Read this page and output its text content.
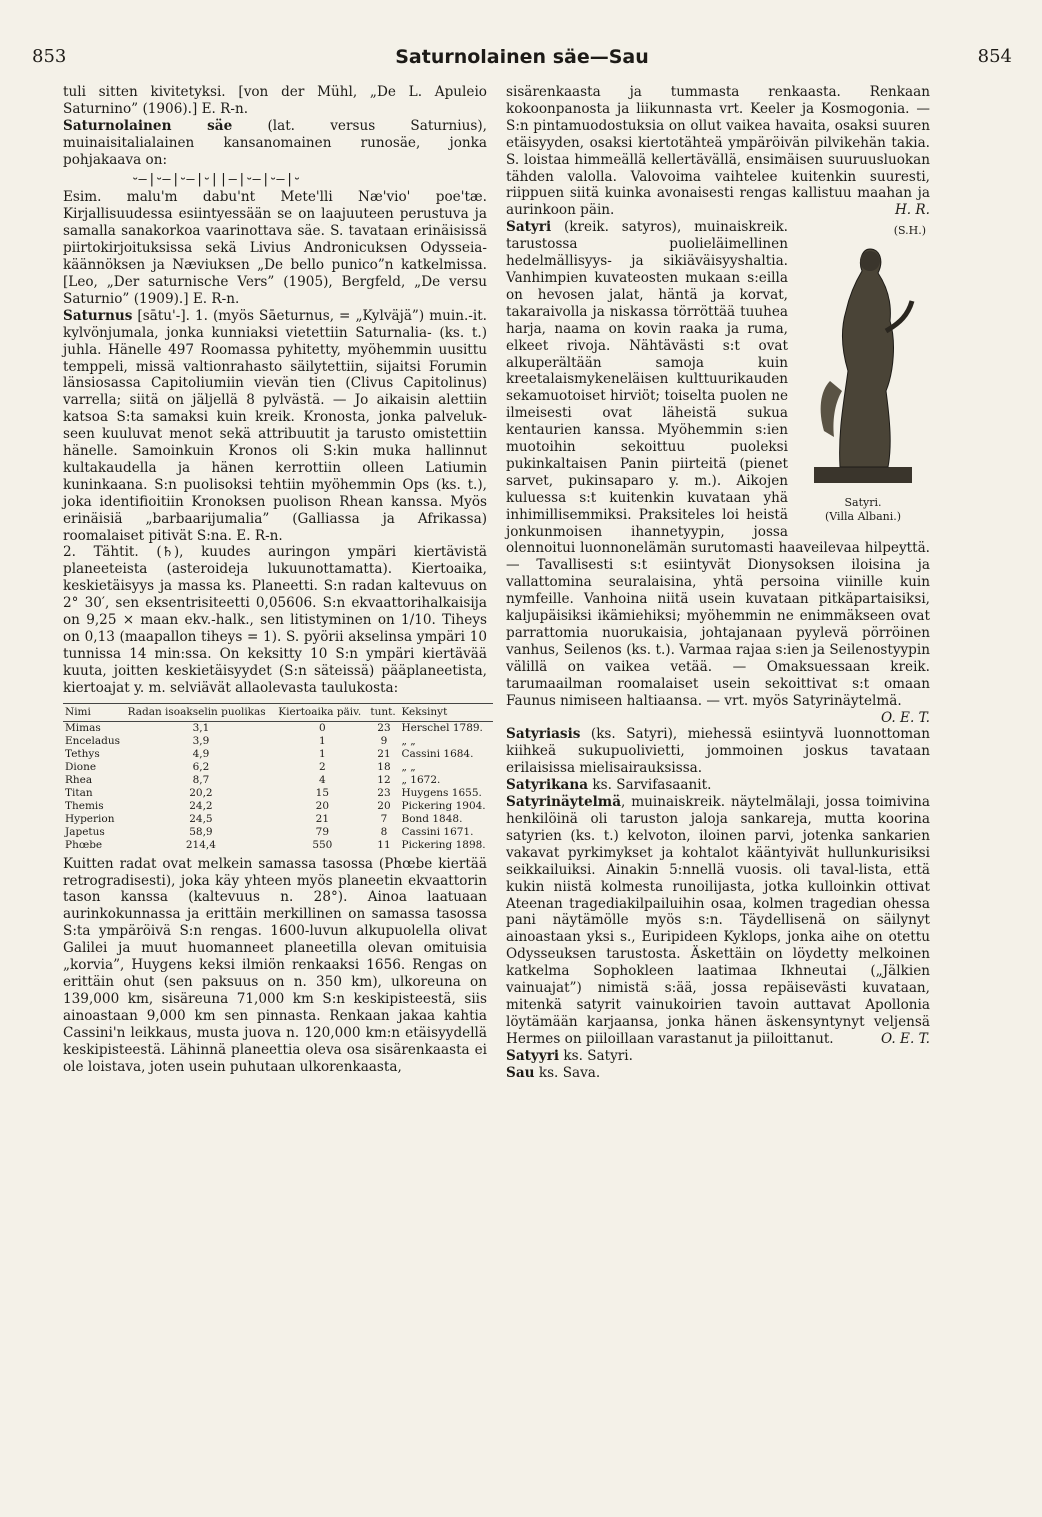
853	Saturnolainen säe—Sau	854

tuli sitten kivitetyksi. [von der Mühl, „De L. Apuleio Saturnino” (1906).] E. R-n.

Saturnolainen säe	(lat. versus Saturnius), muinaisitalialainen kansanomainen runosäe, jonka pohjakaava on:

⏑–|⏑–|⏑–|⏑||–|⏑–|⏑–|⏑

Esim. malu'm dabu'nt Mete'lli Næ'vio' poe'tæ. Kirjallisuudessa esiintyessään se on laajuuteen perustuva ja samalla sanakorkoa vaarinottava säe. S. tavataan erinäisissä piirtokirjoituksissa sekä Livius Andronicuksen Odysseia-käännöksen ja Næviuksen „De bello punico”n katkelmissa. [Leo, „Der saturnische Vers” (1905), Bergfeld, „De versu Saturnio” (1909).] E. R-n.

Saturnus [sātu'-]. 1. (myös Sāeturnus, = „Kylväjä”) muin.-it. kylvönjumala, jonka kunniaksi vietettiin Saturnalia- (ks. t.) juhla. Hänelle 497 Roomassa pyhitetty, myöhemmin uusittu temppeli, missä valtionrahasto säilytettiin, sijaitsi Forumin länsiosassa Capitoliumiin vievän tien (Clivus Capitolinus) varrella; siitä on jäljellä 8 pylvästä. — Jo aikaisin alettiin katsoa S:ta samaksi kuin kreik. Kronosta, jonka palveluk-seen kuuluvat menot sekä attribuutit ja tarusto omistettiin hänelle. Samoinkuin Kronos oli S:kin muka hallinnut kultakaudella ja hänen kerrottiin olleen Latiumin kuninkaana. S:n puolisoksi tehtiin myöhemmin Ops (ks. t.), joka identifioitiin Kronoksen puolison Rhean kanssa. Myös erinäisiä „barbaarijumalia” (Galliassa ja Afrikassa) roomalaiset pitivät S:na. E. R-n.

2. Tähtit. (♄), kuudes auringon ympäri kiertävistä planeeteista (asteroideja lukuunottamatta). Kiertoaika, keskietäisyys ja massa ks. Planeetti. S:n radan kaltevuus on 2° 30′, sen eksentrisiteetti 0,05606. S:n ekvaattorihalkaisija on 9,25 × maan ekv.-halk., sen litistyminen on 1/10. Tiheys on 0,13 (maapallon tiheys = 1). S. pyörii akselinsa ympäri 10 tunnissa 14 min:ssa. On keksitty 10 S:n ympäri kiertävää kuuta, joitten keskietäisyydet (S:n säteissä) pääplaneetista, kiertoajat y. m. selviävät allaolevasta taulukosta:

Nimi	Radan isoakselin puolikas	Kiertoaika päiv.	tunt.	Keksinyt
Mimas	3,1	0	23	Herschel 1789.
Enceladus	3,9	1	9	„ „
Tethys	4,9	1	21	Cassini 1684.
Dione	6,2	2	18	„ „
Rhea	8,7	4	12	„ 1672.
Titan	20,2	15	23	Huygens 1655.
Themis	24,2	20	20	Pickering 1904.
Hyperion	24,5	21	7	Bond 1848.
Japetus	58,9	79	8	Cassini 1671.
Phœbe	214,4	550	11	Pickering 1898.

Kuitten radat ovat melkein samassa tasossa (Phœbe kiertää retrogradisesti), joka käy yhteen myös planeetin ekvaattorin tason kanssa (kaltevuus n. 28°). Ainoa laatuaan aurinkokunnassa ja erittäin merkillinen on samassa tasossa S:ta ympäröivä S:n rengas. 1600-luvun alkupuolella olivat Galilei ja muut huomanneet planeetilla olevan omituisia „korvia”, Huygens keksi ilmiön renkaaksi 1656. Rengas on erittäin ohut (sen paksuus on n. 350 km), ulkoreuna on 139,000 km, sisäreuna 71,000 km S:n keskipisteestä, siis ainoastaan 9,000 km sen pinnasta. Renkaan jakaa kahtia Cassini'n leikkaus, musta juova n. 120,000 km:n etäisyydellä keskipisteestä. Lähinnä planeettia oleva osa sisärenkaasta ei ole loistava, joten usein puhutaan ulkorenkaasta,

sisärenkaasta ja tummasta renkaasta. Renkaan kokoonpanosta ja liikunnasta vrt. Keeler ja Kosmogonia. — S:n pintamuodostuksia on ollut vaikea havaita, osaksi suuren etäisyyden, osaksi kiertotähteä ympäröivän pilvikehän takia. S. loistaa himmeällä kellertävällä, ensimäisen suuruusluokan tähden valolla. Valovoima vaihtelee kuitenkin suuresti, riippuen siitä kuinka avonaisesti rengas kallistuu maahan ja aurinkoon päin.	H. R.

(S.H.)
Satyri.
(Villa Albani.)

Satyri (kreik. satyros), muinaiskreik. tarustossa puolieläimellinen hedelmällisyys- ja sikiäväisyyshaltia. Vanhimpien kuvateosten mukaan s:eilla on hevosen jalat, häntä ja korvat, takaraivolla ja niskassa törröttää tuuhea harja, naama on kovin raaka ja ruma, elkeet rivoja. Nähtävästi s:t ovat alkuperältään samoja kuin kreetalaismykeneläisen kulttuurikauden sekamuotoiset hirviöt; toiselta puolen ne ilmeisesti ovat läheistä sukua kentaurien kanssa. Myöhemmin s:ien muotoihin sekoittuu puoleksi pukinkaltaisen Panin piirteitä (pienet sarvet, pukinsaparo y. m.). Aikojen kuluessa s:t kuitenkin kuvataan yhä inhimillisemmiksi. Praksiteles loi heistä jonkunmoisen ihannetyypin, jossa olennoitui luonnonelämän surutomasti haaveilevaa hilpeyttä. — Tavallisesti s:t esiintyvät Dionysoksen iloisina ja vallattomina seuralaisina, yhtä persoina viinille kuin nymfeille. Vanhoina niitä usein kuvataan pitkäpartaisiksi, kaljupäisiksi ikämiehiksi; myöhemmin ne enimmäkseen ovat parrattomia nuorukaisia, johtajanaan pyylevä pörröinen vanhus, Seilenos (ks. t.). Varmaa rajaa s:ien ja Seilenostyypin välillä on vaikea vetää. — Omaksuessaan kreik. tarumaailman roomalaiset usein sekoittivat s:t omaan Faunus nimiseen haltiaansa. — vrt. myös Satyrinäytelmä.
O. E. T.

Satyriasis (ks. Satyri), miehessä esiintyvä luonnottoman kiihkeä sukupuolivietti, jommoinen joskus tavataan erilaisissa mielisairauksissa.

Satyrikana ks. Sarvifasaanit.

Satyrinäytelmä, muinaiskreik. näytelmälaji, jossa toimivina henkilöinä oli taruston jaloja sankareja, mutta koorina satyrien (ks. t.) kelvoton, iloinen parvi, jotenka sankarien vakavat pyrkimykset ja kohtalot kääntyivät hullunkurisiksi seikkailuiksi. Ainakin 5:nnellä vuosis. oli taval-lista, että kukin niistä kolmesta runoilijasta, jotka kulloinkin ottivat Ateenan tragediakilpailuihin osaa, kolmen tragedian ohessa pani näytämölle myös s:n. Täydellisenä on säilynyt ainoastaan yksi s., Euripideen Kyklops, jonka aihe on otettu Odysseuksen tarustosta. Äskettäin on löydetty melkoinen katkelma Sophokleen laatimaa Ikhneutai („Jälkien vainuajat”) nimistä s:ää, jossa repäisevästi kuvataan, mitenkä satyrit vainukoirien tavoin auttavat Apollonia löytämään karjaansa, jonka hänen äskensyntynyt veljensä Hermes on piiloillaan varastanut ja piiloittanut.	O. E. T.

Satyyri ks. Satyri.

Sau ks. Sava.
